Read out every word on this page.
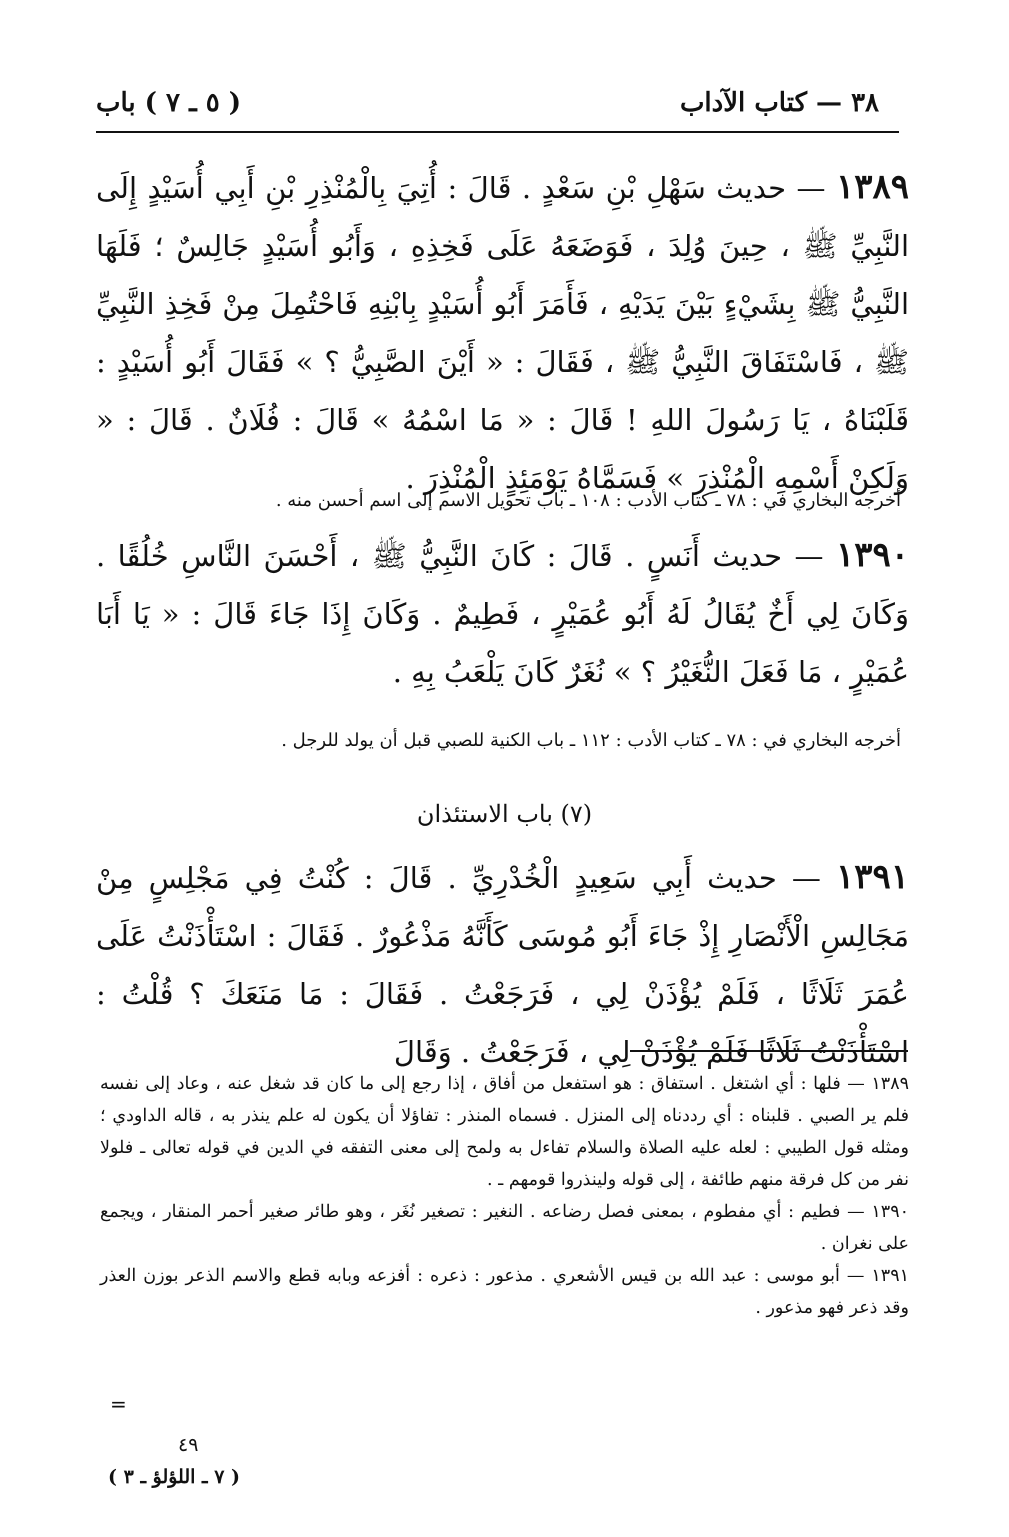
٣٨ — كتاب الآداب
( ٥ ـ ٧ ) باب
١٣٨٩ — حديث سَهْلِ بْنِ سَعْدٍ . قَالَ : أُتِيَ بِالْمُنْذِرِ بْنِ أَبِي أُسَيْدٍ إِلَى النَّبِيِّ ﷺ ، حِينَ وُلِدَ ، فَوَضَعَهُ عَلَى فَخِذِهِ ، وَأَبُو أُسَيْدٍ جَالِسٌ ؛ فَلَهَا النَّبِيُّ ﷺ بِشَيْءٍ بَيْنَ يَدَيْهِ ، فَأَمَرَ أَبُو أُسَيْدٍ بِابْنِهِ فَاحْتُمِلَ مِنْ فَخِذِ النَّبِيِّ ﷺ ، فَاسْتَفَاقَ النَّبِيُّ ﷺ ، فَقَالَ : « أَيْنَ الصَّبِيُّ ؟ » فَقَالَ أَبُو أُسَيْدٍ : قَلَبْنَاهُ ، يَا رَسُولَ اللهِ ! قَالَ : « مَا اسْمُهُ » قَالَ : فُلَانٌ . قَالَ : « وَلَكِنْ أَسْمِهِ الْمُنْذِرَ » فَسَمَّاهُ يَوْمَئِذٍ الْمُنْذِرَ .
أخرجه البخاري في : ٧٨ ـ كتاب الأدب : ١٠٨ ـ باب تحويل الاسم إلى اسم أحسن منه .
١٣٩٠ — حديث أَنَسٍ . قَالَ : كَانَ النَّبِيُّ ﷺ ، أَحْسَنَ النَّاسِ خُلُقًا . وَكَانَ لِي أَخٌ يُقَالُ لَهُ أَبُو عُمَيْرٍ ، فَطِيمٌ . وَكَانَ إِذَا جَاءَ قَالَ : « يَا أَبَا عُمَيْرٍ ، مَا فَعَلَ النُّغَيْرُ ؟ » نُغَرٌ كَانَ يَلْعَبُ بِهِ .
أخرجه البخاري في : ٧٨ ـ كتاب الأدب : ١١٢ ـ باب الكنية للصبي قبل أن يولد للرجل .
(٧) باب الاستئذان
١٣٩١ — حديث أَبِي سَعِيدٍ الْخُدْرِيِّ . قَالَ : كُنْتُ فِي مَجْلِسٍ مِنْ مَجَالِسِ الْأَنْصَارِ إِذْ جَاءَ أَبُو مُوسَى كَأَنَّهُ مَذْعُورٌ . فَقَالَ : اسْتَأْذَنْتُ عَلَى عُمَرَ ثَلَاثًا ، فَلَمْ يُؤْذَنْ لِي ، فَرَجَعْتُ . فَقَالَ : مَا مَنَعَكَ ؟ قُلْتُ : اسْتَأْذَنْتُ ثَلَاثًا فَلَمْ يُؤْذَنْ لِي ، فَرَجَعْتُ . وَقَالَ

١٣٨٩ — فلها : أي اشتغل . استفاق : هو استفعل من أفاق ، إذا رجع إلى ما كان قد شغل عنه ، وعاد إلى نفسه فلم ير الصبي . قلبناه : أي رددناه إلى المنزل . فسماه المنذر : تفاؤلا أن يكون له علم ينذر به ، قاله الداودي ؛ ومثله قول الطيبي : لعله عليه الصلاة والسلام تفاءل به ولمح إلى معنى التفقه في الدين في قوله تعالى ـ فلولا نفر من كل فرقة منهم طائفة ، إلى قوله ولينذروا قومهم ـ .

١٣٩٠ — فطيم : أي مفطوم ، بمعنى فصل رضاعه . النغير : تصغير نُغَر ، وهو طائر صغير أحمر المنقار ، ويجمع على نغران .

١٣٩١ — أبو موسى : عبد الله بن قيس الأشعري . مذعور : ذعره : أفزعه وبابه قطع والاسم الذعر بوزن العذر وقد ذعر فهو مذعور .

=
٤٩
( ٧ ـ اللؤلؤ ـ ٣ )
